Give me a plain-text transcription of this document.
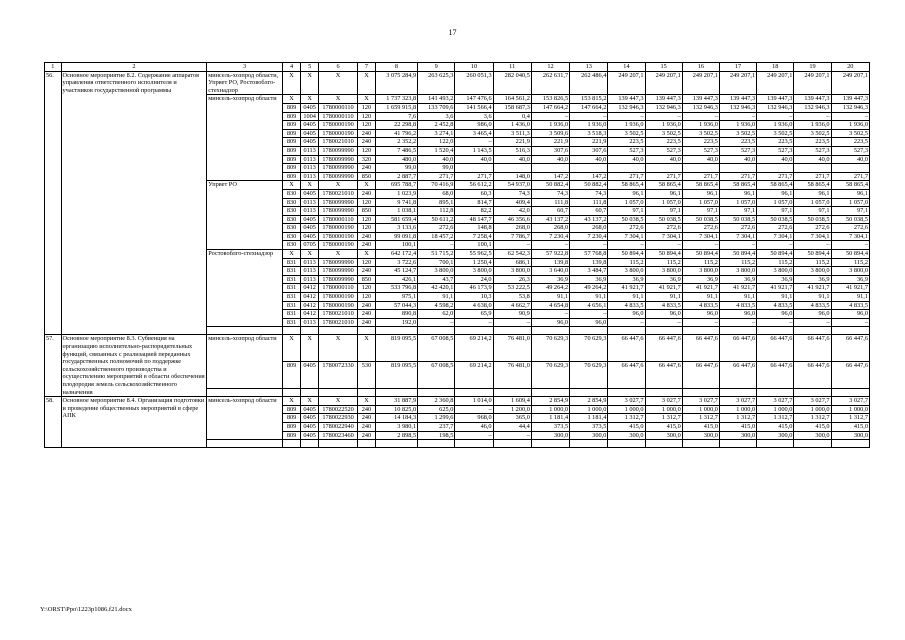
17
1	2	3	4	5	6	7	8	9	10	11	12	13	14	15	16	17	18	19	20
56.	Основное мероприятие 8.2. Содержание аппаратов управления ответственного исполнителя и участников государственной программы	минсель-хозпрод области, Упрвет РО, Ростовоблго-стехнадзор	X	X	X	X	3 075 284,9	263 625,3	260 051,3	282 040,5	262 631,7	262 486,4	249 207,1	249 207,1	249 207,1	249 207,1	249 207,1	249 207,1	249 207,1
		минсель-хозпрод области	X	X	X	X	1 737 323,8	141 493,2	147 476,6	164 561,2	153 826,5	153 815,2	139 447,3	139 447,3	139 447,3	139 447,3	139 447,3	139 447,3	139 447,3
			809	0405	1780000110	120	1 659 915,8	133 709,6	141 566,4	158 687,3	147 664,2	147 664,2	132 946,3	132 946,3	132 946,3	132 946,3	132 946,3	132 946,3	132 946,3
			809	1004	1780000110	120	7,6	3,6	3,6	0,4	–	–	–	–	–	–	–	–	–
			809	0405	1780000190	120	22 298,8	2 452,8	986,0	1 436,0	1 936,0	1 936,0	1 936,0	1 936,0	1 936,0	1 936,0	1 936,0	1 936,0	1 936,0
			809	0405	1780000190	240	41 796,2	3 274,1	3 465,4	3 511,3	3 509,6	3 518,3	3 502,5	3 502,5	3 502,5	3 502,5	3 502,5	3 502,5	3 502,5
			809	0405	1780021010	240	2 352,2	122,0	–	221,9	221,9	221,9	223,5	223,5	223,5	223,5	223,5	223,5	223,5
			809	0113	1780099990	120	7 486,5	1 520,4	1 143,5	516,3	307,6	307,6	527,3	527,3	527,3	527,3	527,3	527,3	527,3
			809	0113	1780099990	320	480,0	40,0	40,0	40,0	40,0	40,0	40,0	40,0	40,0	40,0	40,0	40,0	40,0
			809	0113	1780099990	240	99,0	99,0											
			809	0113	1780099990	850	2 887,7	271,7	271,7	148,0	147,2	147,2	271,7	271,7	271,7	271,7	271,7	271,7	271,7
		Упрвет РО	X	X	X	X	695 788,7	70 416,9	56 612,2	54 937,0	50 882,4	50 882,4	58 865,4	58 865,4	58 865,4	58 865,4	58 865,4	58 865,4	58 865,4
			830	0405	1780021010	240	1 023,9	68,0	60,3	74,3	74,3	74,3	96,1	96,1	96,1	96,1	96,1	96,1	96,1
			830	0113	1780099990	120	9 741,8	895,1	814,7	409,4	111,8	111,8	1 057,0	1 057,0	1 057,0	1 057,0	1 057,0	1 057,0	1 057,0
			830	0113	1780099990	850	1 038,1	112,8	82,2	42,0	60,7	60,7	97,1	97,1	97,1	97,1	97,1	97,1	97,1
			830	0405	1780000110	120	581 659,4	50 611,2	48 147,7	46 356,6	43 137,2	43 137,2	50 038,5	50 038,5	50 038,5	50 038,5	50 038,5	50 038,5	50 038,5
			830	0405	1780000190	120	3 133,6	272,6	148,8	268,0	268,0	268,0	272,6	272,6	272,6	272,6	272,6	272,6	272,6
			830	0405	1780000190	240	99 091,8	18 457,2	7 258,4	7 786,7	7 230,4	7 230,4	7 304,1	7 304,1	7 304,1	7 304,1	7 304,1	7 304,1	7 304,1
			830	0705	1780000190	240	100,1	–	100,1	–	–	–	–	–	–	–	–	–	–
		Ростовоблго-стехнадзор	X	X	X	X	642 172,4	51 715,2	55 962,5	62 542,3	57 922,8	57 768,8	50 894,4	50 894,4	50 894,4	50 894,4	50 894,4	50 894,4	50 894,4
			831	0113	1780099990	120	3 722,6	700,1	1 250,4	686,1	139,8	139,8	115,2	115,2	115,2	115,2	115,2	115,2	115,2
			831	0113	1780099990	240	45 124,7	3 800,0	3 800,0	3 800,0	3 640,0	3 484,7	3 800,0	3 800,0	3 800,0	3 800,0	3 800,0	3 800,0	3 800,0
			831	0113	1780099990	850	426,1	43,7	24,0	26,3	36,9	36,9	36,9	36,9	36,9	36,9	36,9	36,9	36,9
			831	0412	1780000110	120	533 796,8	42 420,1	46 173,9	53 222,5	49 264,2	49 264,2	41 921,7	41 921,7	41 921,7	41 921,7	41 921,7	41 921,7	41 921,7
			831	0412	1780000190	120	975,1	91,1	10,3	53,8	91,1	91,1	91,1	91,1	91,1	91,1	91,1	91,1	91,1
			831	0412	1780000190	240	57 044,3	4 598,2	4 638,0	4 662,7	4 654,8	4 656,1	4 833,5	4 833,5	4 833,5	4 833,5	4 833,5	4 833,5	4 833,5
			831	0412	1780021010	240	890,8	62,0	65,9	90,9	–	–	96,0	96,0	96,0	96,0	96,0	96,0	96,0
			831	0113	1780021010	240	192,0	–	–	–	96,0	96,0	–	–	–	–	–	–	–

57.	Основное мероприятие 8.3. Субвенция на организацию исполнительно-распорядительных функций, связанных с реализацией переданных государственных полномочий по поддержке сельскохозяйственного производства и осуществлению мероприятий в области обеспечения плодородия земель сельскохозяйственного назначения	минсель-хозпрод области	X	X	X	X	819 095,5	67 008,5	69 214,2	76 481,0	70 629,3	70 629,3	66 447,6	66 447,6	66 447,6	66 447,6	66 447,6	66 447,6	66 447,6
			809	0405	1780072330	530	819 095,5	67 008,5	69 214,2	76 481,0	70 629,3	70 629,3	66 447,6	66 447,6	66 447,6	66 447,6	66 447,6	66 447,6	66 447,6

58.	Основное мероприятие 8.4. Организация подготовки и проведение общественных мероприятий в сфере АПК	минсель-хозпрод области	X	X	X	X	31 887,9	2 360,8	1 014,0	1 609,4	2 854,9	2 854,9	3 027,7	3 027,7	3 027,7	3 027,7	3 027,7	3 027,7	3 027,7
			809	0405	1780022520	240	10 825,0	625,0	–	1 200,0	1 000,0	1 000,0	1 000,0	1 000,0	1 000,0	1 000,0	1 000,0	1 000,0	1 000,0
			809	0405	1780022930	240	14 184,3	1 299,6	968,0	365,0	1 181,4	1 181,4	1 312,7	1 312,7	1 312,7	1 312,7	1 312,7	1 312,7	1 312,7
			809	0405	1780022940	240	3 980,1	237,7	46,0	44,4	373,5	373,5	415,0	415,0	415,0	415,0	415,0	415,0	415,0
			809	0405	1780023460	240	2 898,5	198,5	–	–	300,0	300,0	300,0	300,0	300,0	300,0	300,0	300,0	300,0

Y:\ORST\Ppo\1223p1086.f21.docx
